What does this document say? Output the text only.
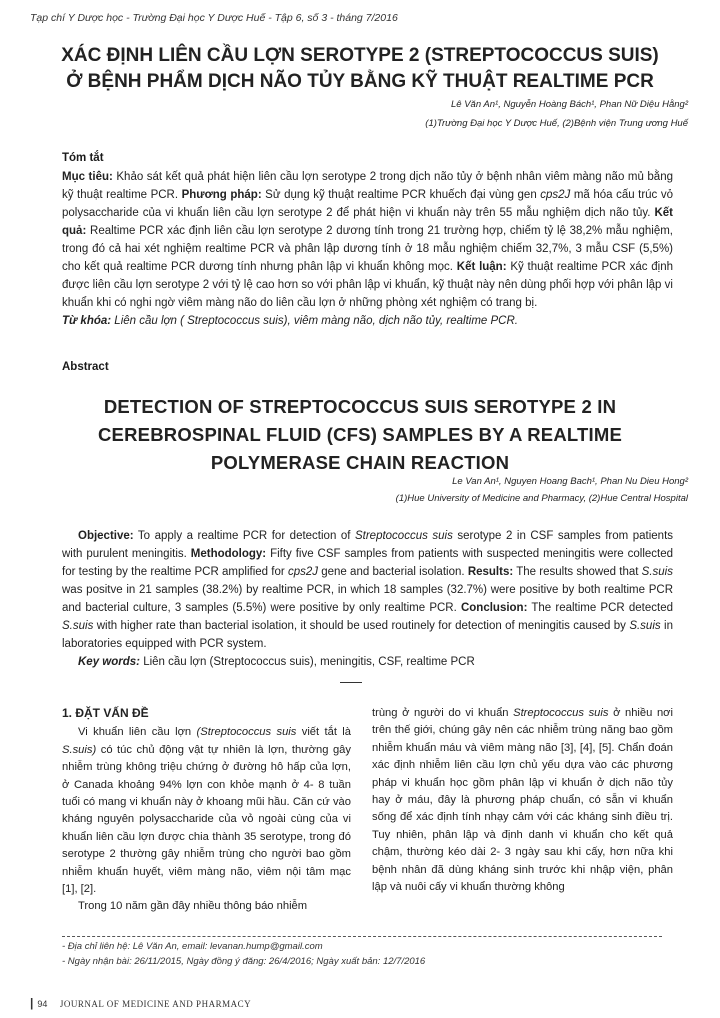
Tạp chí Y Dược học - Trường Đại học Y Dược Huế - Tập 6, số 3 - tháng 7/2016
XÁC ĐỊNH LIÊN CẦU LỢN SEROTYPE 2 (STREPTOCOCCUS SUIS)
Ở BỆNH PHẨM DỊCH NÃO TỦY BẰNG KỸ THUẬT REALTIME PCR
Lê Văn An¹, Nguyễn Hoàng Bách¹, Phan Nữ Diệu Hằng²
(1)Trường Đại học Y Dược Huế, (2)Bệnh viện Trung ương Huế
Tóm tắt
Mục tiêu: Khảo sát kết quả phát hiện liên cầu lợn serotype 2 trong dịch não tủy ở bệnh nhân viêm màng não mủ bằng kỹ thuật realtime PCR. Phương pháp: Sử dụng kỹ thuật realtime PCR khuếch đại vùng gen cps2J mã hóa cấu trúc vỏ polysaccharide của vi khuẩn liên cầu lợn serotype 2 để phát hiện vi khuẩn này trên 55 mẫu nghiệm dịch não tủy. Kết quả: Realtime PCR xác định liên cầu lợn serotype 2 dương tính trong 21 trường hợp, chiếm tỷ lệ 38,2% mẫu nghiệm, trong đó cả hai xét nghiệm realtime PCR và phân lập dương tính ở 18 mẫu nghiệm chiếm 32,7%, 3 mẫu CSF (5,5%) cho kết quả realtime PCR dương tính nhưng phân lập vi khuẩn không mọc. Kết luận: Kỹ thuật realtime PCR xác định được liên cầu lợn serotype 2 với tỷ lệ cao hơn so với phân lập vi khuẩn, kỹ thuật này nên dùng phối hợp với phân lập vi khuẩn khi có nghi ngờ viêm màng não do liên cầu lợn ở những phòng xét nghiệm có trang bị.
Từ khóa: Liên cầu lợn ( Streptococcus suis), viêm màng não, dịch não tủy, realtime PCR.
Abstract
DETECTION OF STREPTOCOCCUS SUIS SEROTYPE 2 IN
CEREBROSPINAL FLUID (CFS) SAMPLES BY A REALTIME
POLYMERASE CHAIN REACTION
Le Van An¹, Nguyen Hoang Bach¹, Phan Nu Dieu Hong²
(1)Hue University of Medicine and Pharmacy, (2)Hue Central Hospital
Objective: To apply a realtime PCR for detection of Streptococcus suis serotype 2 in CSF samples from patients with purulent meningitis. Methodology: Fifty five CSF samples from patients with suspected meningitis were collected for testing by the realtime PCR amplified for cps2J gene and bacterial isolation. Results: The results showed that S.suis was positve in 21 samples (38.2%) by realtime PCR, in which 18 samples (32.7%) were positive by both realtime PCR and bacterial culture, 3 samples (5.5%) were positive by only realtime PCR. Conclusion: The realtime PCR detected S.suis with higher rate than bacterial isolation, it should be used routinely for detection of meningitis caused by S.suis in laboratories equipped with PCR system.
Key words: Liên cầu lợn (Streptococcus suis), meningitis, CSF, realtime PCR
1. ĐẶT VẤN ĐỀ

Vi khuẩn liên cầu lợn (Streptococcus suis viết tắt là S.suis) có túc chủ động vật tự nhiên là lợn, thường gây nhiễm trùng không triệu chứng ở đường hô hấp của lợn, ở Canada khoảng 94% lợn con khỏe mạnh ở 4- 8 tuần tuổi có mang vi khuẩn này ở khoang mũi hầu. Căn cứ vào kháng nguyên polysaccharide của vỏ ngoài cùng của vi khuẩn liên cầu lợn được chia thành 35 serotype, trong đó serotype 2 thường gây nhiễm trùng cho người bao gồm nhiễm khuẩn huyết, viêm màng não, viêm nội tâm mạc [1], [2].

Trong 10 năm gần đây nhiều thông báo nhiễm

trùng ở người do vi khuẩn Streptococcus suis ở nhiều nơi trên thế giới, chúng gây nên các nhiễm trùng năng bao gồm nhiễm khuẩn máu và viêm màng não [3], [4], [5]. Chẩn đoán xác định nhiễm liên cầu lợn chủ yếu dựa vào các phương pháp vi khuẩn học gồm phân lập vi khuẩn ở dịch não tủy hay ở máu, đây là phương pháp chuẩn, có sẵn vi khuẩn sống để xác định tính nhạy cảm với các kháng sinh điều trị. Tuy nhiên, phân lập và định danh vi khuẩn cho kết quả chậm, thường kéo dài 2- 3 ngày sau khi cấy, hơn nữa khi bệnh nhân đã dùng kháng sinh trước khi nhập viện, phân lập và nuôi cấy vi khuẩn thường không

- Địa chỉ liên hệ: Lê Văn An, email: levanan.hump@gmail.com
- Ngày nhận bài: 26/11/2015, Ngày đồng ý đăng: 26/4/2016; Ngày xuất bản: 12/7/2016
| 94 JOURNAL OF MEDICINE AND PHARMACY
